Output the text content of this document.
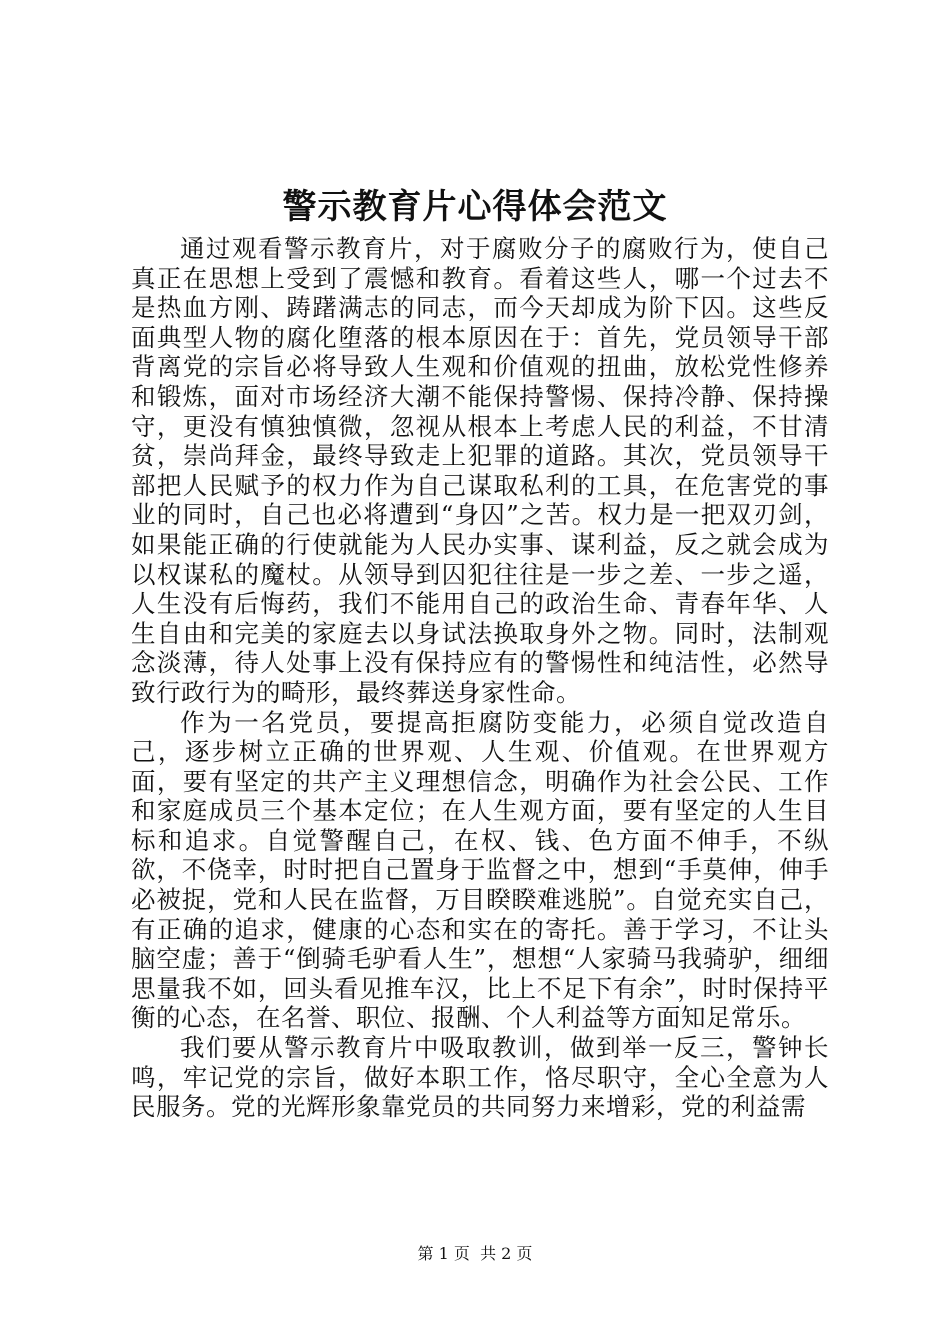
警示教育片心得体会范文

通过观看警示教育片，对于腐败分子的腐败行为，使自己真正在思想上受到了震憾和教育。看着这些人，哪一个过去不是热血方刚、踌躇满志的同志，而今天却成为阶下囚。这些反面典型人物的腐化堕落的根本原因在于：首先，党员领导干部背离党的宗旨必将导致人生观和价值观的扭曲，放松党性修养和锻炼，面对市场经济大潮不能保持警惕、保持冷静、保持操守，更没有慎独慎微，忽视从根本上考虑人民的利益，不甘清贫，崇尚拜金，最终导致走上犯罪的道路。其次，党员领导干部把人民赋予的权力作为自己谋取私利的工具，在危害党的事业的同时，自己也必将遭到“身囚”之苦。权力是一把双刃剑，如果能正确的行使就能为人民办实事、谋利益，反之就会成为以权谋私的魔杖。从领导到囚犯往往是一步之差、一步之遥，人生没有后悔药，我们不能用自己的政治生命、青春年华、人生自由和完美的家庭去以身试法换取身外之物。同时，法制观念淡薄，待人处事上没有保持应有的警惕性和纯洁性，必然导致行政行为的畸形，最终葬送身家性命。

作为一名党员，要提高拒腐防变能力，必须自觉改造自己，逐步树立正确的世界观、人生观、价值观。在世界观方面，要有坚定的共产主义理想信念，明确作为社会公民、工作和家庭成员三个基本定位；在人生观方面，要有坚定的人生目标和追求。自觉警醒自己，在权、钱、色方面不伸手，不纵欲，不侥幸，时时把自己置身于监督之中，想到“手莫伸，伸手必被捉，党和人民在监督，万目睽睽难逃脱”。自觉充实自己，有正确的追求，健康的心态和实在的寄托。善于学习，不让头脑空虚；善于“倒骑毛驴看人生”，想想“人家骑马我骑驴，细细思量我不如，回头看见推车汉，比上不足下有余”，时时保持平衡的心态，在名誉、职位、报酬、个人利益等方面知足常乐。

我们要从警示教育片中吸取教训，做到举一反三，警钟长鸣，牢记党的宗旨，做好本职工作，恪尽职守，全心全意为人民服务。党的光辉形象靠党员的共同努力来增彩，党的利益需

第 1 页 共 2 页
